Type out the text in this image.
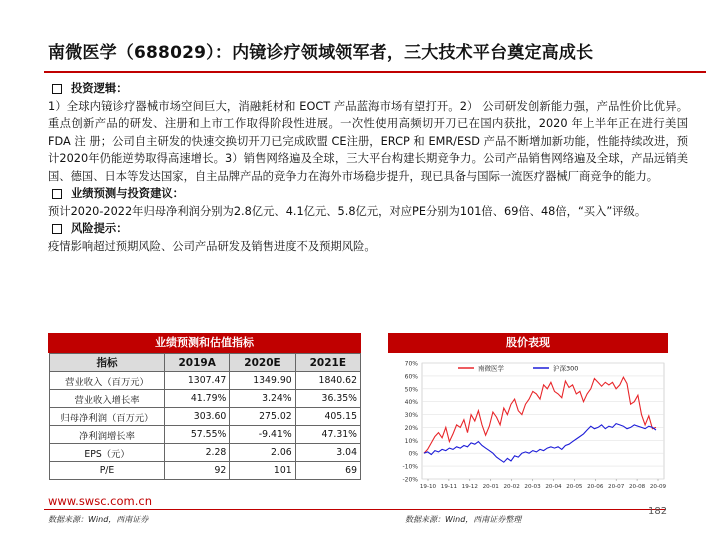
南微医学（688029）：内镜诊疗领域领军者，三大技术平台奠定高成长
投资逻辑：
1）全球内镜诊疗器械市场空间巨大，消融耗材和 EOCT 产品蓝海市场有望打开。2） 公司研发创新能力强，产品性价比优异。重点创新产品的研发、注册和上市工作取得阶段性进展。一次性使用高频切开刀已在国内获批，2020 年上半年正在进行美国FDA 注 册；公司自主研发的快速交换切开刀已完成欧盟 CE注册，ERCP 和 EMR/ESD 产品不断增加新功能，性能持续改进，预计2020年仍能逆势取得高速增长。3）销售网络遍及全球，三大平台构建长期竞争力。公司产品销售网络遍及全球，产品远销美国、德国、日本等发达国家，自主品牌产品的竞争力在海外市场稳步提升，现已具备与国际一流医疗器械厂商竞争的能力。
业绩预测与投资建议：
预计2020-2022年归母净利润分别为2.8亿元、4.1亿元、5.8亿元，对应PE分别为101倍、69倍、48倍，“买入”评级。
风险提示：
疫情影响超过预期风险、公司产品研发及销售进度不及预期风险。
业绩预测和估值指标
指标	2019A	2020E	2021E
营业收入（百万元）	1307.47	1349.90	1840.62
营业收入增长率	41.79%	3.24%	36.35%
归母净利润（百万元）	303.60	275.02	405.15
净利润增长率	57.55%	-9.41%	47.31%
EPS（元）	2.28	2.06	3.04
P/E	92	101	69
股价表现
70%
60%
50%
40%
30%
20%
10%
0%
-10%
-20%
19-10 19-11 19-12 20-01 20-02 20-03 20-04 20-05 20-06 20-07 20-08 20-09
南微医学	沪深300
www.swsc.com.cn
数据来源：Wind，西南证券	数据来源：Wind，西南证券整理
182
